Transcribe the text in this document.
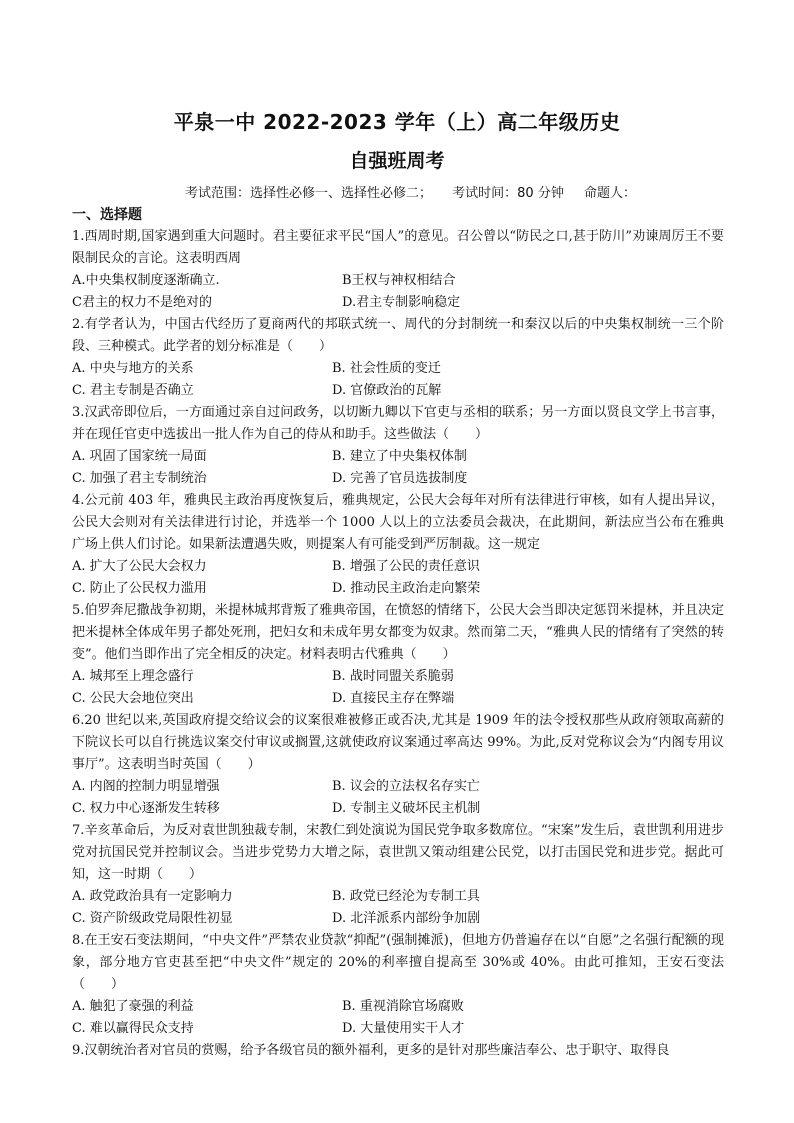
平泉一中 2022-2023 学年（上）高二年级历史
自强班周考
考试范围：选择性必修一、选择性必修二； 考试时间：80 分钟 命题人：
一、选择题

1.西周时期,国家遇到重大问题时。君主要征求平民“国人”的意见。召公曾以“防民之口,甚于防川”劝谏周厉王不要限制民众的言论。这表明西周

A.中央集权制度逐渐确立.	B王权与神权相结合
C君主的权力不是绝对的	D.君主专制影响稳定

2.有学者认为，中国古代经历了夏商两代的邦联式统一、周代的分封制统一和秦汉以后的中央集权制统一三个阶段、三种模式。此学者的划分标准是（　　）

A. 中央与地方的关系	B. 社会性质的变迁
C. 君主专制是否确立	D. 官僚政治的瓦解

3.汉武帝即位后，一方面通过亲自过问政务，以切断九卿以下官吏与丞相的联系；另一方面以贤良文学上书言事，并在现任官吏中选拔出一批人作为自己的侍从和助手。这些做法（　　）

A. 巩固了国家统一局面	B. 建立了中央集权体制
C. 加强了君主专制统治	D. 完善了官员选拔制度

4.公元前 403 年，雅典民主政治再度恢复后，雅典规定，公民大会每年对所有法律进行审核，如有人提出异议，公民大会则对有关法律进行讨论，并选举一个 1000 人以上的立法委员会裁决，在此期间，新法应当公布在雅典广场上供人们讨论。如果新法遭遇失败，则提案人有可能受到严厉制裁。这一规定

A. 扩大了公民大会权力	B. 增强了公民的责任意识
C. 防止了公民权力滥用	D. 推动民主政治走向繁荣

5.伯罗奔尼撒战争初期，米提林城邦背叛了雅典帝国，在愤怒的情绪下，公民大会当即决定惩罚米提林，并且决定把米提林全体成年男子都处死刑，把妇女和未成年男女都变为奴隶。然而第二天，“雅典人民的情绪有了突然的转变”。他们当即作出了完全相反的决定。材料表明古代雅典（　　）

A. 城邦至上理念盛行	B. 战时同盟关系脆弱
C. 公民大会地位突出	D. 直接民主存在弊端

6.20 世纪以来,英国政府提交给议会的议案很难被修正或否决,尤其是 1909 年的法令授权那些从政府领取高薪的下院议长可以自行挑选议案交付审议或搁置,这就使政府议案通过率高达 99%。为此,反对党称议会为“内阁专用议事厅”。这表明当时英国（　　）

A. 内阁的控制力明显增强	B. 议会的立法权名存实亡
C. 权力中心逐渐发生转移	D. 专制主义破坏民主机制

7.辛亥革命后，为反对袁世凯独裁专制，宋教仁到处演说为国民党争取多数席位。“宋案”发生后，袁世凯利用进步党对抗国民党并控制议会。当进步党势力大增之际，袁世凯又策动组建公民党，以打击国民党和进步党。据此可知，这一时期（　　）

A. 政党政治具有一定影响力	B. 政党已经沦为专制工具
C. 资产阶级政党局限性初显	D. 北洋派系内部纷争加剧

8.在王安石变法期间，“中央文件”严禁农业贷款“抑配”(强制摊派)，但地方仍普遍存在以“自愿”之名强行配额的现象，部分地方官吏甚至把“中央文件”规定的 20%的利率擅自提高至 30%或 40%。由此可推知，王安石变法（　　）

A. 触犯了豪强的利益	B. 重视消除官场腐败
C. 难以赢得民众支持	D. 大量使用实干人才

9.汉朝统治者对官员的赏赐，给予各级官员的额外福利，更多的是针对那些廉洁奉公、忠于职守、取得良
